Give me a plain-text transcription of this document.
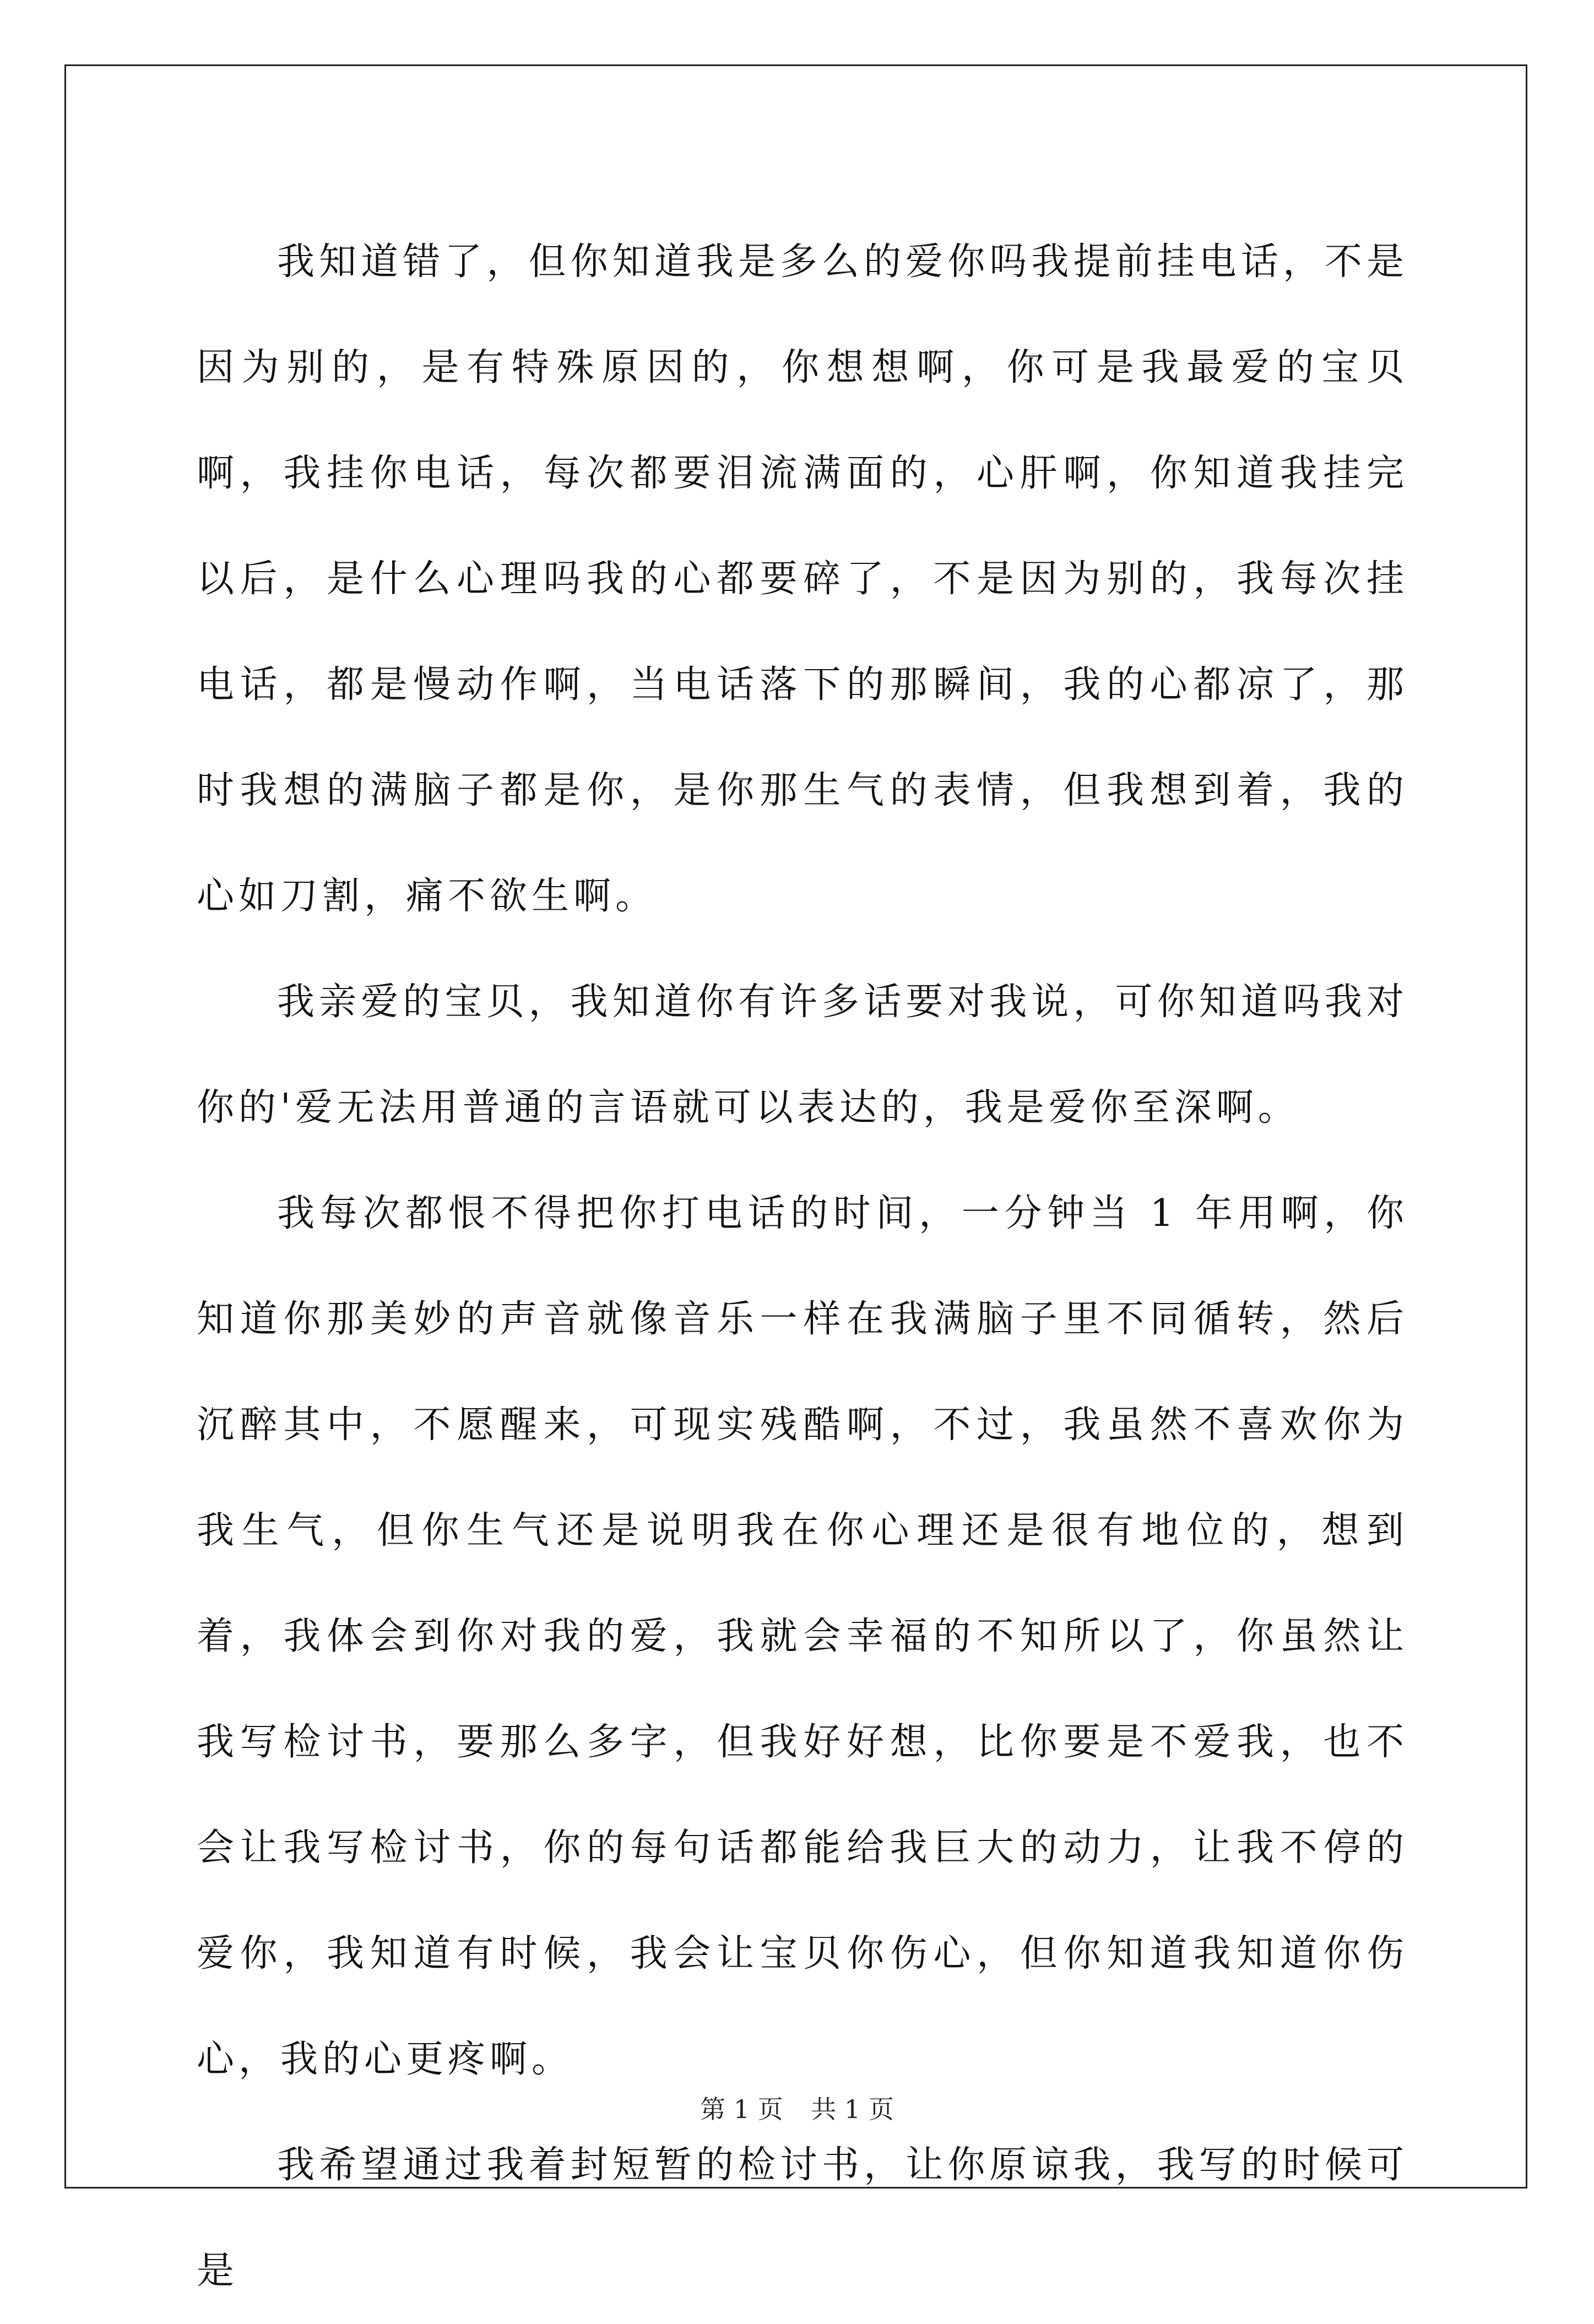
我知道错了，但你知道我是多么的爱你吗我提前挂电话，不是因为别的，是有特殊原因的，你想想啊，你可是我最爱的宝贝啊，我挂你电话，每次都要泪流满面的，心肝啊，你知道我挂完以后，是什么心理吗我的心都要碎了，不是因为别的，我每次挂电话，都是慢动作啊，当电话落下的那瞬间，我的心都凉了，那时我想的满脑子都是你，是你那生气的表情，但我想到着，我的心如刀割，痛不欲生啊。

我亲爱的宝贝，我知道你有许多话要对我说，可你知道吗我对你的'爱无法用普通的言语就可以表达的，我是爱你至深啊。

我每次都恨不得把你打电话的时间，一分钟当 1 年用啊，你知道你那美妙的声音就像音乐一样在我满脑子里不同循转，然后沉醉其中，不愿醒来，可现实残酷啊，不过，我虽然不喜欢你为我生气，但你生气还是说明我在你心理还是很有地位的，想到着，我体会到你对我的爱，我就会幸福的不知所以了，你虽然让我写检讨书，要那么多字，但我好好想，比你要是不爱我，也不会让我写检讨书，你的每句话都能给我巨大的动力，让我不停的爱你，我知道有时候，我会让宝贝你伤心，但你知道我知道你伤心，我的心更疼啊。

我希望通过我着封短暂的检讨书，让你原谅我，我写的时候可是

第 1 页 共 1 页
